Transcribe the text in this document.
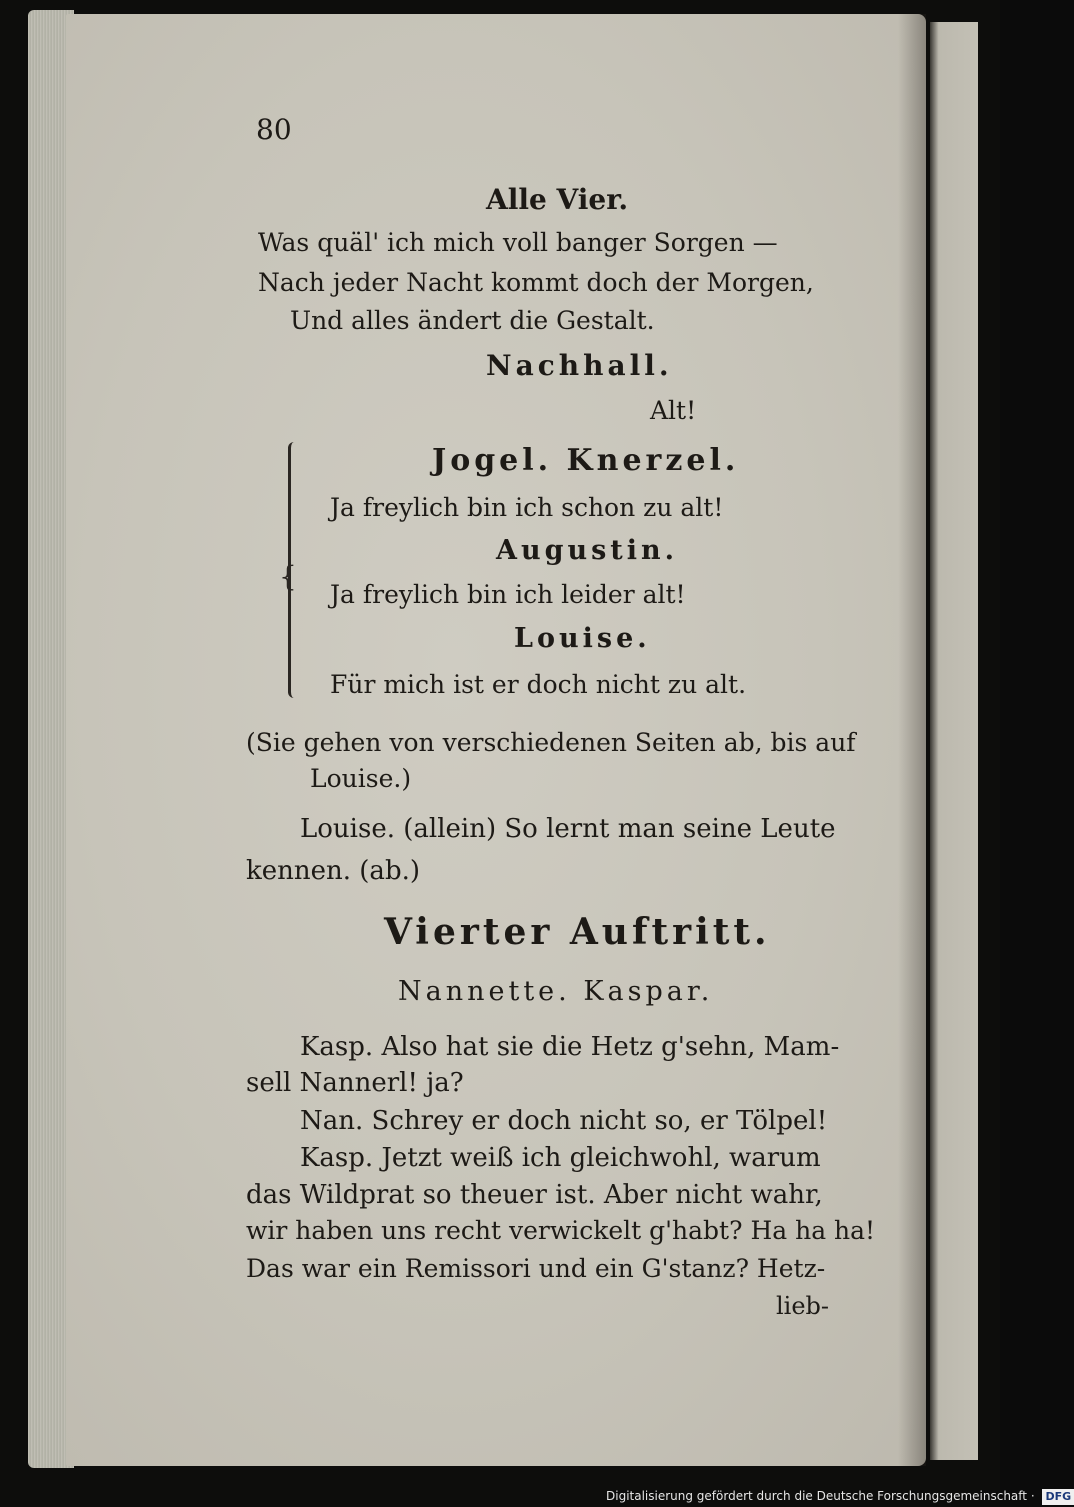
80
Alle Vier.
Was quäl' ich mich voll banger Sorgen —
Nach jeder Nacht kommt doch der Morgen,
Und alles ändert die Gestalt.
Nachhall.
Alt!
{
Jogel. Knerzel.
Ja freylich bin ich schon zu alt!
Augustin.
Ja freylich bin ich leider alt!
Louise.
Für mich ist er doch nicht zu alt.
(Sie gehen von verschiedenen Seiten ab, bis auf
Louise.)
Louise. (allein) So lernt man seine Leute
kennen. (ab.)
Vierter Auftritt.
Nannette. Kaspar.
Kasp. Also hat sie die Hetz g'sehn, Mam-
sell Nannerl! ja?
Nan. Schrey er doch nicht so, er Tölpel!
Kasp. Jetzt weiß ich gleichwohl, warum
das Wildprat so theuer ist. Aber nicht wahr,
wir haben uns recht verwickelt g'habt? Ha ha ha!
Das war ein Remissori und ein G'stanz? Hetz-
lieb-
Digitalisierung gefördert durch die Deutsche Forschungsgemeinschaft · DFG
